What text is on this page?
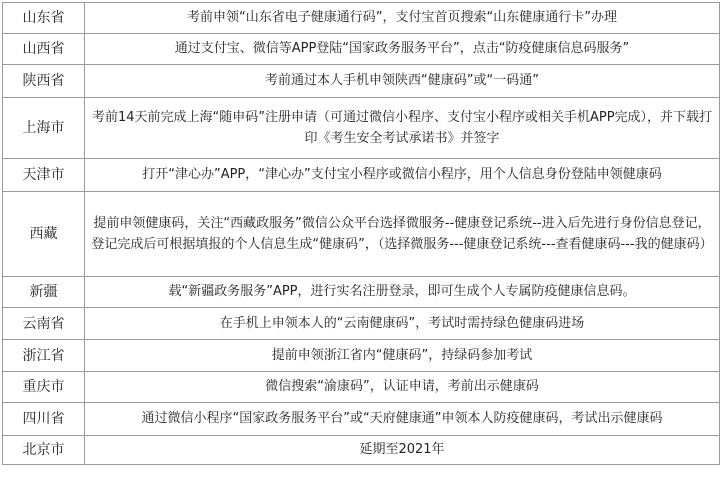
山东省	考前申领“山东省电子健康通行码”，支付宝首页搜索“山东健康通行卡”办理
山西省	通过支付宝、微信等APP登陆“国家政务服务平台”，点击“防疫健康信息码服务”
陕西省	考前通过本人手机申领陕西“健康码”或“一码通”
上海市	考前14天前完成上海“随申码”注册申请（可通过微信小程序、支付宝小程序或相关手机APP完成），并下载打印《考生安全考试承诺书》并签字
天津市	打开“津心办”APP，“津心办”支付宝小程序或微信小程序，用个人信息身份登陆申领健康码
西藏	提前申领健康码，关注“西藏政服务”微信公众平台选择微服务--健康登记系统--进入后先进行身份信息登记，登记完成后可根据填报的个人信息生成“健康码”，（选择微服务---健康登记系统---查看健康码---我的健康码）
新疆	载“新疆政务服务”APP，进行实名注册登录，即可生成个人专属防疫健康信息码。
云南省	在手机上申领本人的“云南健康码”，考试时需持绿色健康码进场
浙江省	提前申领浙江省内“健康码”，持绿码参加考试
重庆市	微信搜索“渝康码”，认证申请，考前出示健康码
四川省	通过微信小程序“国家政务服务平台”或“天府健康通”申领本人防疫健康码，考试出示健康码
北京市	延期至2021年
